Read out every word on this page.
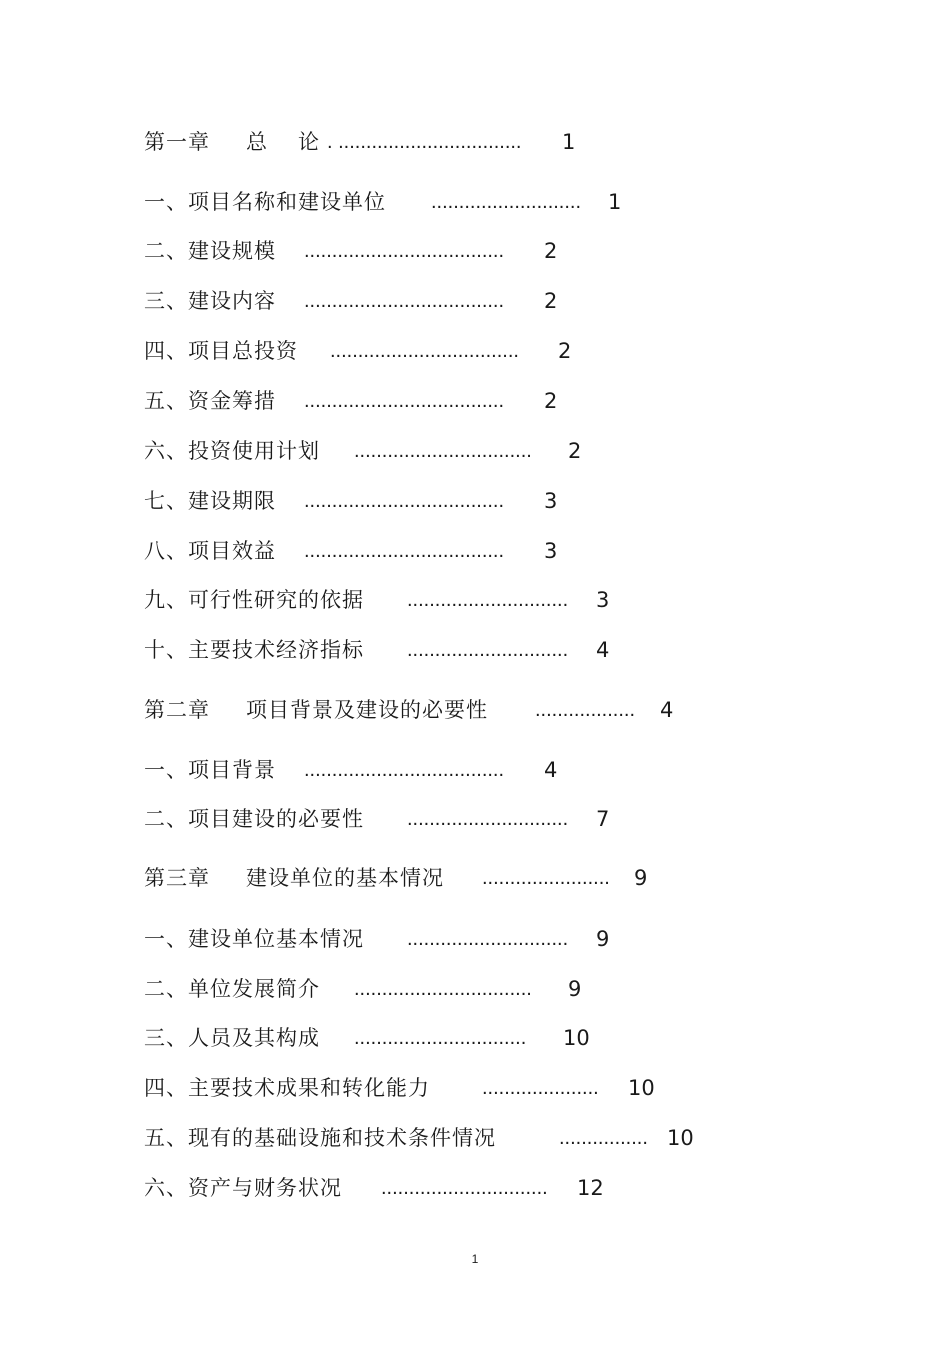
第一章 总 论 . ................................. 1
一、项目名称和建设单位 ........................... 1
二、建设规模 .................................... 2
三、建设内容 .................................... 2
四、项目总投资 .................................. 2
五、资金筹措 .................................... 2
六、投资使用计划 ................................ 2
七、建设期限 .................................... 3
八、项目效益 .................................... 3
九、可行性研究的依据 ............................. 3
十、主要技术经济指标 ............................. 4
第二章 项目背景及建设的必要性 .................. 4
一、项目背景 .................................... 4
二、项目建设的必要性 ............................. 7
第三章 建设单位的基本情况 ....................... 9
一、建设单位基本情况 ............................. 9
二、单位发展简介 ................................ 9
三、人员及其构成 ............................... 10
四、主要技术成果和转化能力	..................... 10
五、现有的基础设施和技术条件情况	................ 10
六、资产与财务状况 .............................. 12
1
